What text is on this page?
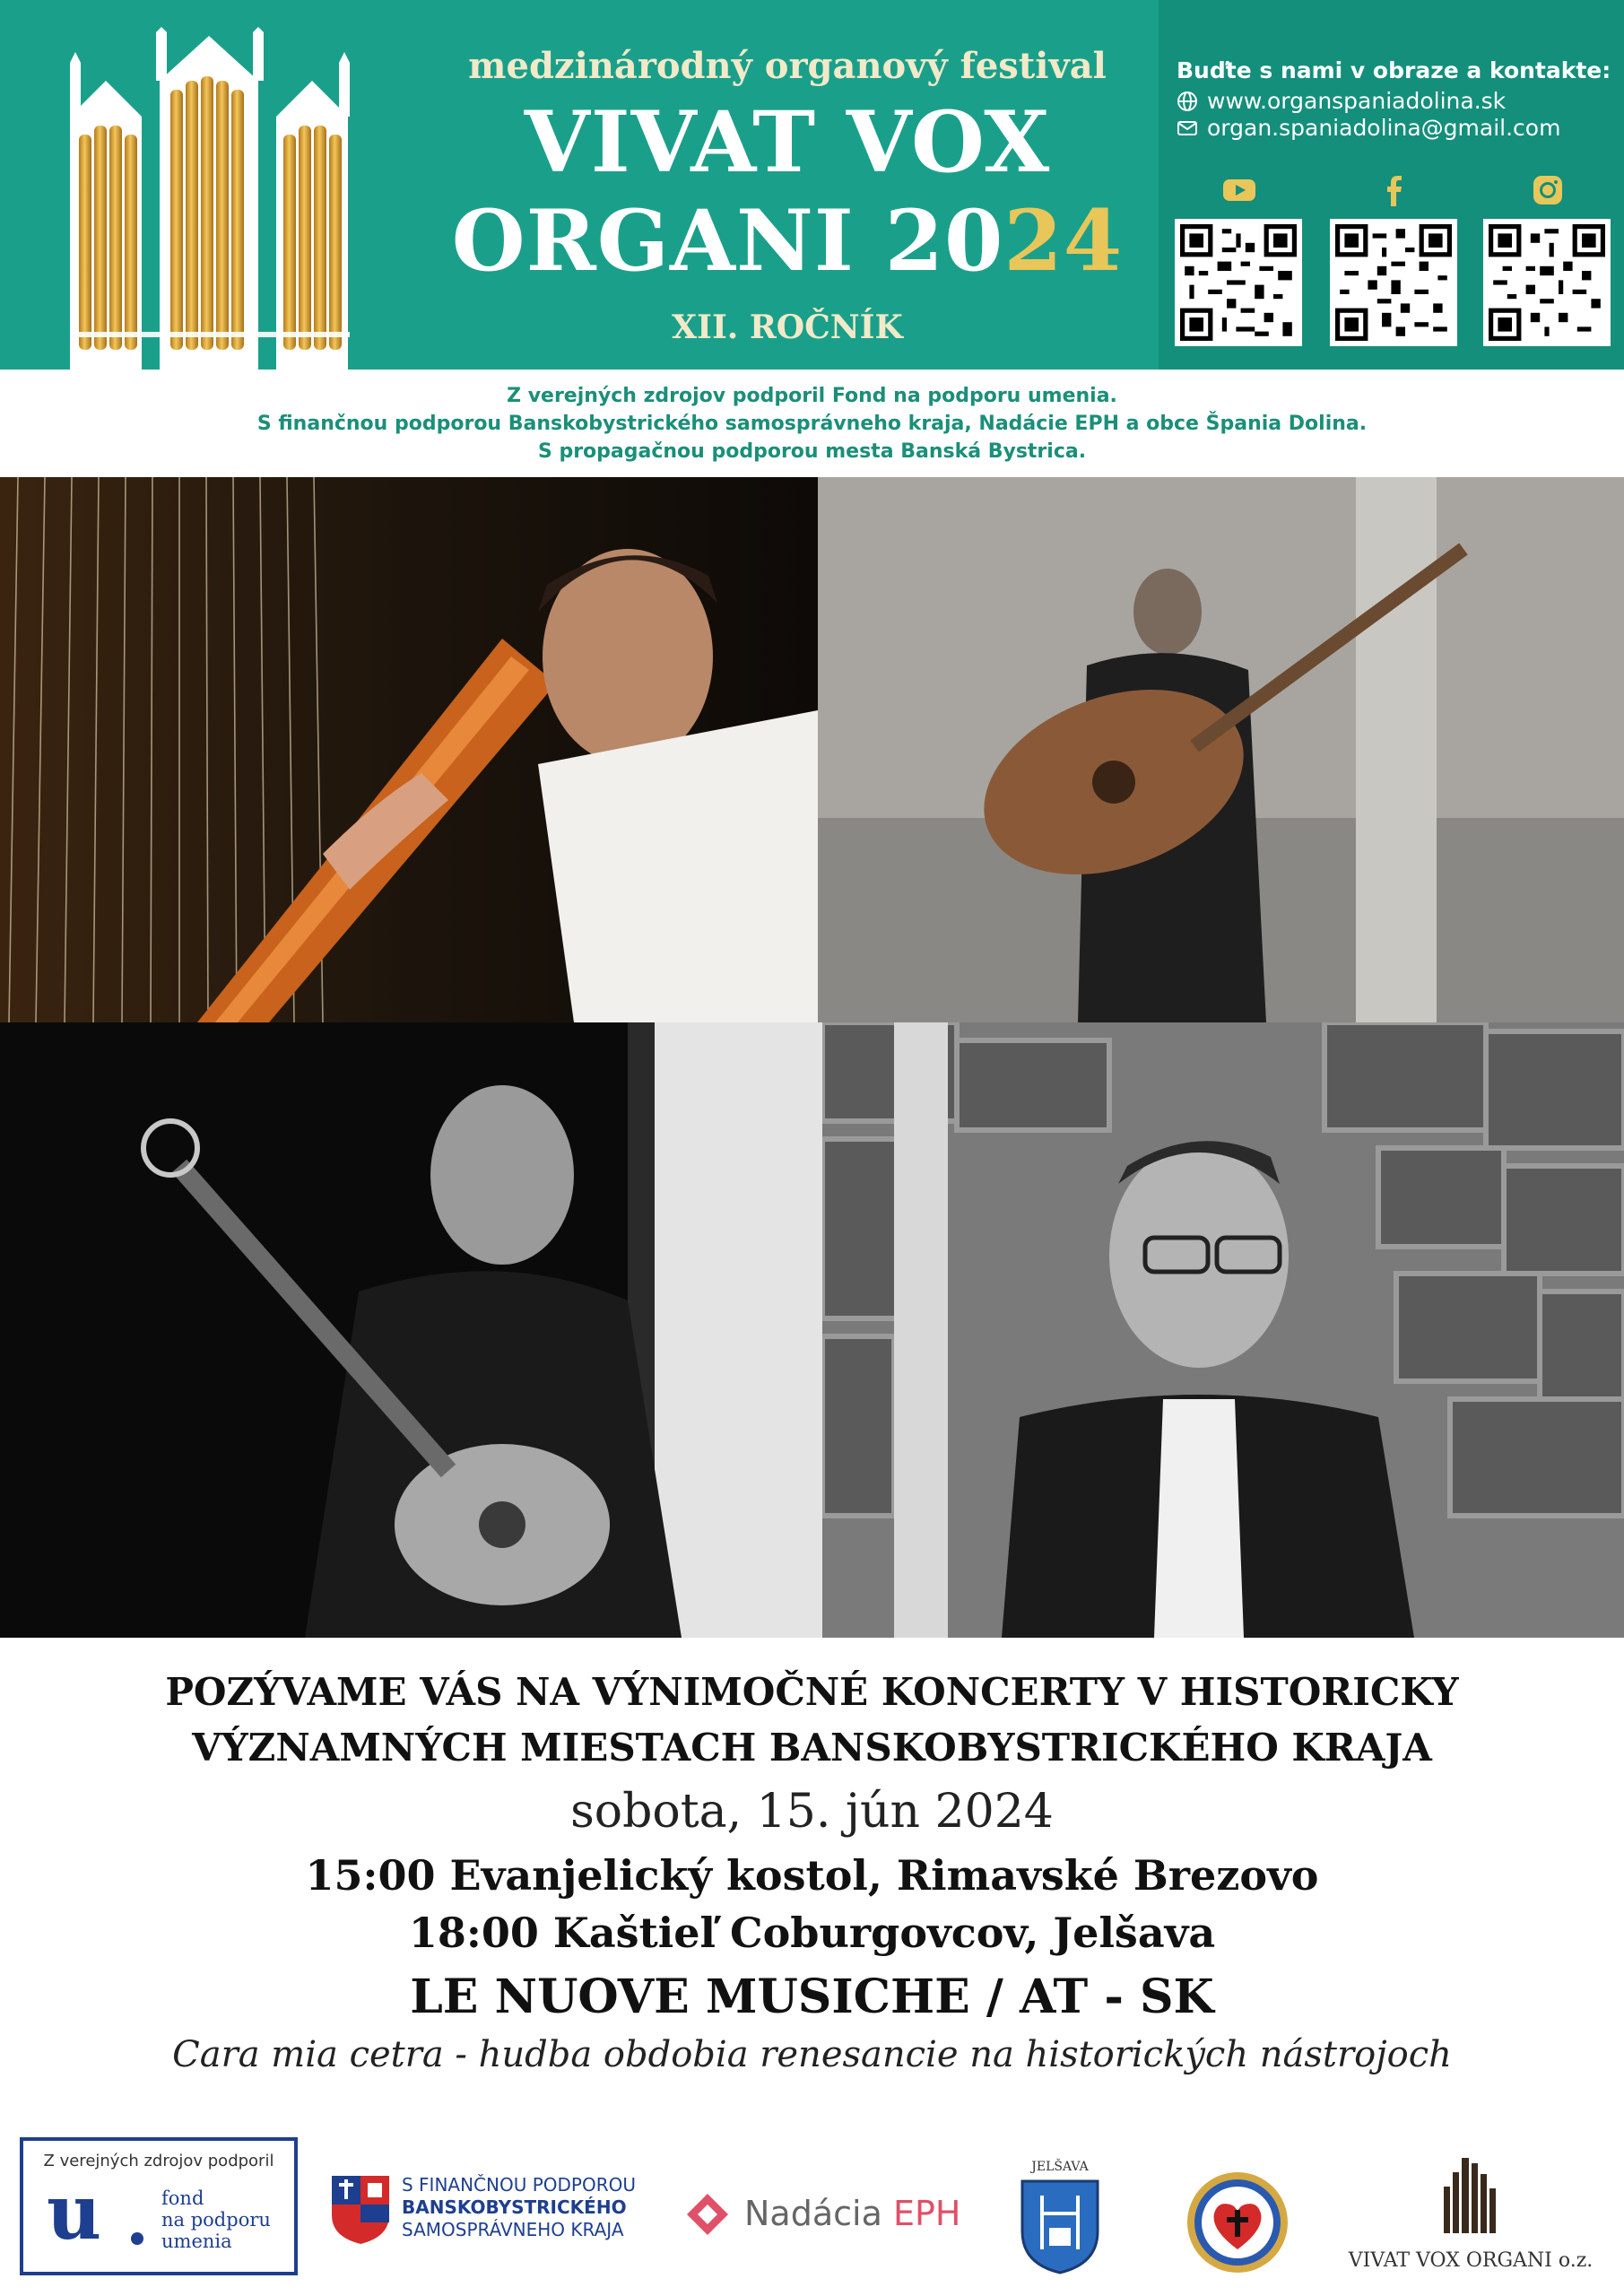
medzinárodný organový festival
VIVAT VOX
ORGANI 2024
XII. ROČNÍK
Buďte s nami v obraze a kontakte:
www.organspaniadolina.sk
organ.spaniadolina@gmail.com
Z verejných zdrojov podporil Fond na podporu umenia.
S finančnou podporou Banskobystrického samosprávneho kraja, Nadácie EPH a obce Špania Dolina.
S propagačnou podporou mesta Banská Bystrica.
POZÝVAME VÁS NA VÝNIMOČNÉ KONCERTY V HISTORICKY
VÝZNAMNÝCH MIESTACH BANSKOBYSTRICKÉHO KRAJA
sobota, 15. jún 2024
15:00 Evanjelický kostol, Rimavské Brezovo
18:00 Kaštieľ Coburgovcov, Jelšava
LE NUOVE MUSICHE / AT - SK
Cara mia cetra - hudba obdobia renesancie na historických nástrojoch
Z verejných zdrojov podporil
u	fond
na podporu
umenia
S FINANČNOU PODPOROU
BANSKOBYSTRICKÉHO
SAMOSPRÁVNEHO KRAJA	Nadácia EPH
JELŠAVA
VIVAT VOX ORGANI o.z.
